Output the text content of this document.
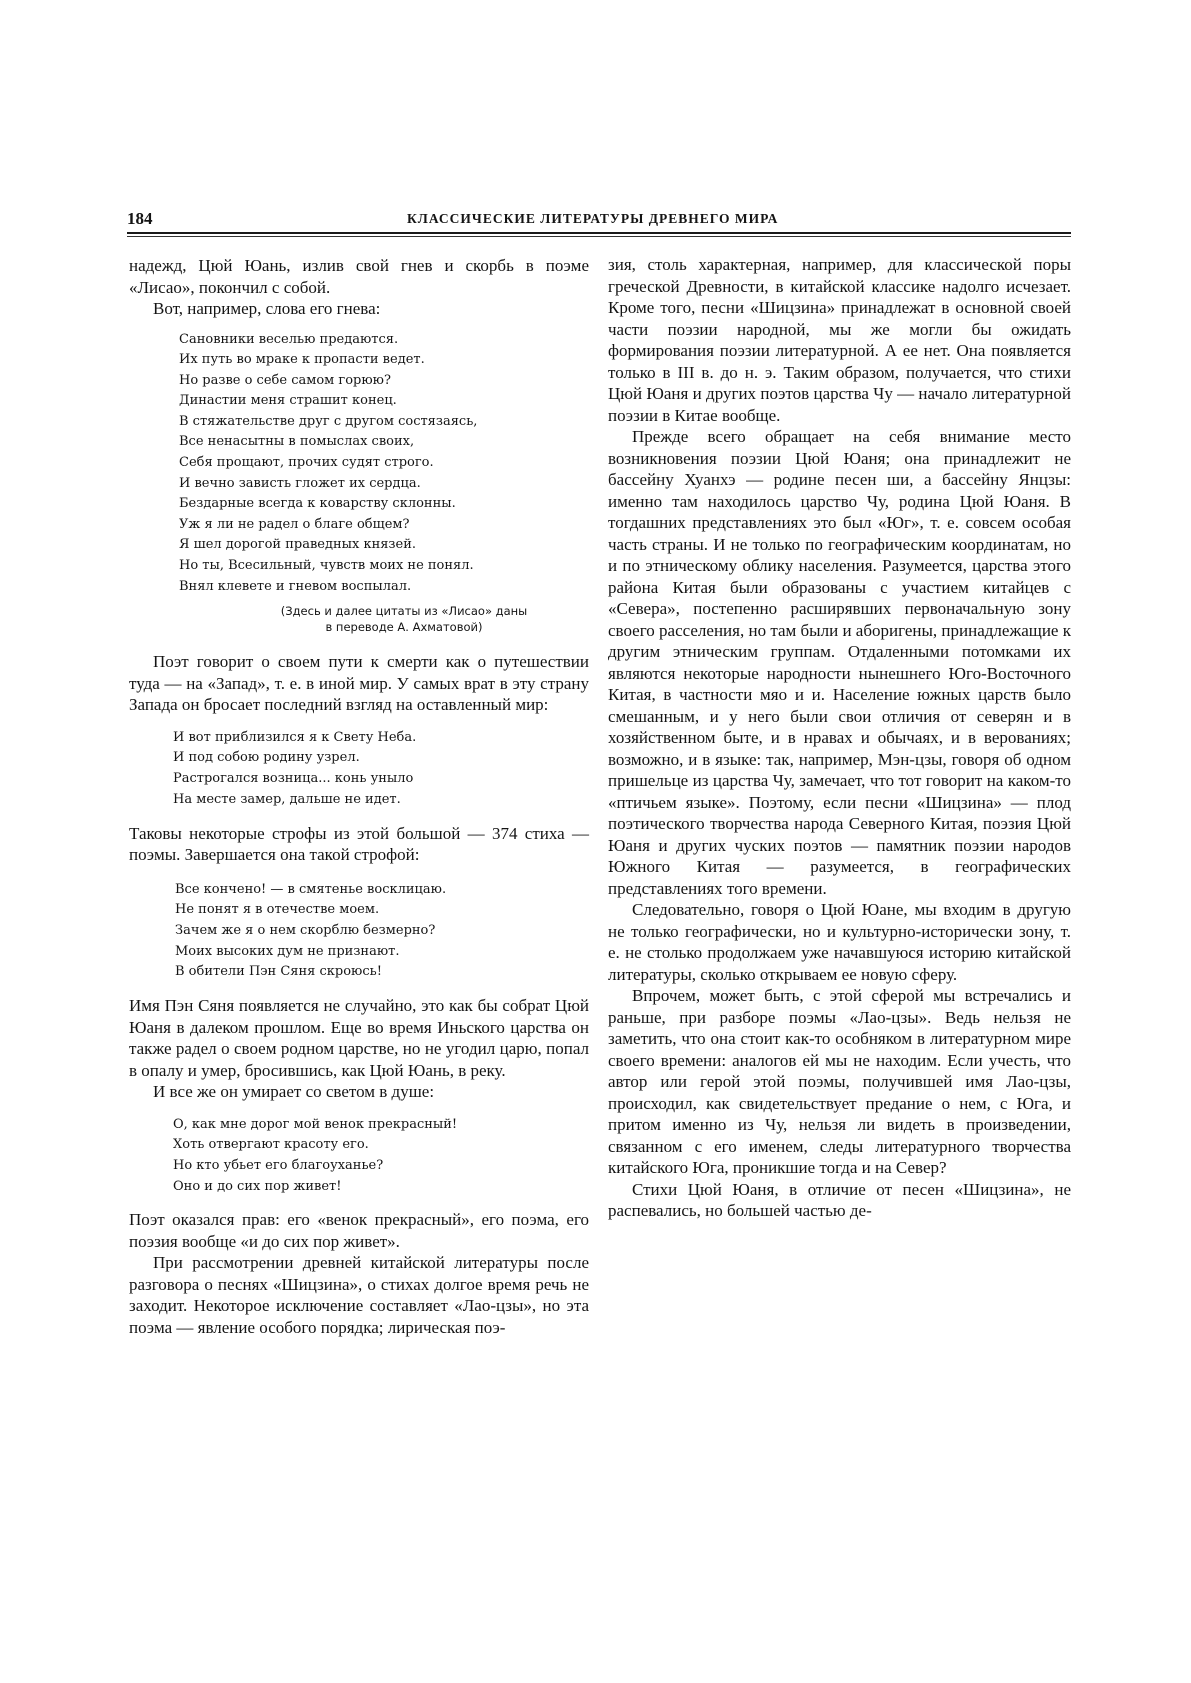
184	КЛАССИЧЕСКИЕ ЛИТЕРАТУРЫ ДРЕВНЕГО МИРА

надежд, Цюй Юань, излив свой гнев и скорбь в поэме «Лисао», покончил с собой.

Вот, например, слова его гнева:

Сановники веселью предаются.
Их путь во мраке к пропасти ведет.
Но разве о себе самом горюю?
Династии меня страшит конец.
В стяжательстве друг с другом состязаясь,
Все ненасытны в помыслах своих,
Себя прощают, прочих судят строго.
И вечно зависть гложет их сердца.
Бездарные всегда к коварству склонны.
Уж я ли не радел о благе общем?
Я шел дорогой праведных князей.
Но ты, Всесильный, чувств моих не понял.
Внял клевете и гневом воспылал.
(Здесь и далее цитаты из «Лисао» даны в переводе А. Ахматовой)

Поэт говорит о своем пути к смерти как о путешествии туда — на «Запад», т. е. в иной мир. У самых врат в эту страну Запада он бросает последний взгляд на оставленный мир:

И вот приблизился я к Свету Неба.
И под собою родину узрел.
Растрогался возница... конь уныло
На месте замер, дальше не идет.

Таковы некоторые строфы из этой большой — 374 стиха — поэмы. Завершается она такой строфой:

Все кончено! — в смятенье восклицаю.
Не понят я в отечестве моем.
Зачем же я о нем скорблю безмерно?
Моих высоких дум не признают.
В обители Пэн Сяня скроюсь!

Имя Пэн Сяня появляется не случайно, это как бы собрат Цюй Юаня в далеком прошлом. Еще во время Иньского царства он также радел о своем родном царстве, но не угодил царю, попал в опалу и умер, бросившись, как Цюй Юань, в реку.

И все же он умирает со светом в душе:

О, как мне дорог мой венок прекрасный!
Хоть отвергают красоту его.
Но кто убьет его благоуханье?
Оно и до сих пор живет!

Поэт оказался прав: его «венок прекрасный», его поэма, его поэзия вообще «и до сих пор живет».

При рассмотрении древней китайской литературы после разговора о песнях «Шицзина», о стихах долгое время речь не заходит. Некоторое исключение составляет «Лао-цзы», но эта поэма — явление особого порядка; лирическая поэ-

зия, столь характерная, например, для классической поры греческой Древности, в китайской классике надолго исчезает. Кроме того, песни «Шицзина» принадлежат в основной своей части поэзии народной, мы же могли бы ожидать формирования поэзии литературной. А ее нет. Она появляется только в III в. до н. э. Таким образом, получается, что стихи Цюй Юаня и других поэтов царства Чу — начало литературной поэзии в Китае вообще.

Прежде всего обращает на себя внимание место возникновения поэзии Цюй Юаня; она принадлежит не бассейну Хуанхэ — родине песен ши, а бассейну Янцзы: именно там находилось царство Чу, родина Цюй Юаня. В тогдашних представлениях это был «Юг», т. е. совсем особая часть страны. И не только по географическим координатам, но и по этническому облику населения. Разумеется, царства этого района Китая были образованы с участием китайцев с «Севера», постепенно расширявших первоначальную зону своего расселения, но там были и аборигены, принадлежащие к другим этническим группам. Отдаленными потомками их являются некоторые народности нынешнего Юго-Восточного Китая, в частности мяо и и. Население южных царств было смешанным, и у него были свои отличия от северян и в хозяйственном быте, и в нравах и обычаях, и в верованиях; возможно, и в языке: так, например, Мэн-цзы, говоря об одном пришельце из царства Чу, замечает, что тот говорит на каком-то «птичьем языке». Поэтому, если песни «Шицзина» — плод поэтического творчества народа Северного Китая, поэзия Цюй Юаня и других чуских поэтов — памятник поэзии народов Южного Китая — разумеется, в географических представлениях того времени.

Следовательно, говоря о Цюй Юане, мы входим в другую не только географически, но и культурно-исторически зону, т. е. не столько продолжаем уже начавшуюся историю китайской литературы, сколько открываем ее новую сферу.

Впрочем, может быть, с этой сферой мы встречались и раньше, при разборе поэмы «Лао-цзы». Ведь нельзя не заметить, что она стоит как-то особняком в литературном мире своего времени: аналогов ей мы не находим. Если учесть, что автор или герой этой поэмы, получившей имя Лао-цзы, происходил, как свидетельствует предание о нем, с Юга, и притом именно из Чу, нельзя ли видеть в произведении, связанном с его именем, следы литературного творчества китайского Юга, проникшие тогда и на Север?

Стихи Цюй Юаня, в отличие от песен «Шицзина», не распевались, но большей частью де-
